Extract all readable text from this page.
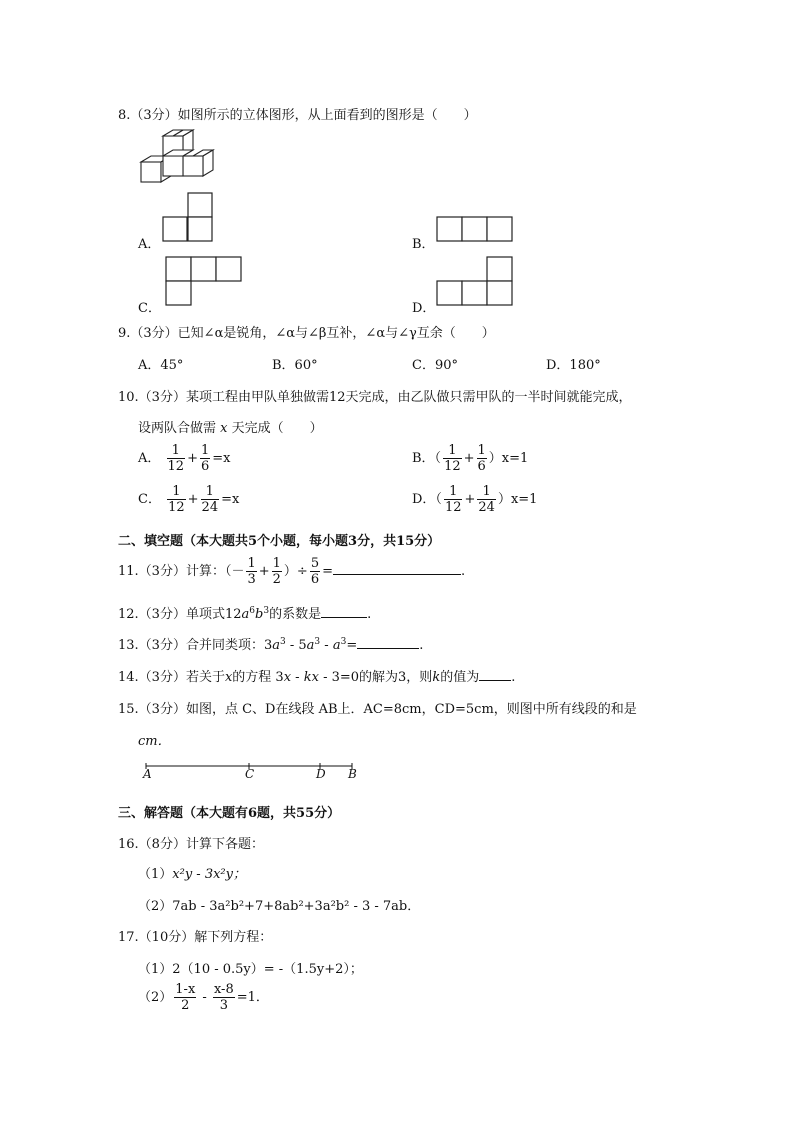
8.（3分）如图所示的立体图形，从上面看到的图形是（　　）
A．	B．
C．	D．
9.（3分）已知∠α是锐角，∠α与∠β互补，∠α与∠γ互余（　　）
A．45°	B．60°	C．90°	D．180°
10.（3分）某项工程由甲队单独做需12天完成，由乙队做只需甲队的一半时间就能完成，
设两队合做需 x 天完成（　　）
A． $\frac{1}{12} + \frac{1}{6} =x$	B．（ $\frac{1}{12} + \frac{1}{6} )x=1$
C． $\frac{1}{12} + \frac{1}{24} =x$	D．（ $\frac{1}{12} + \frac{1}{24} )x=1$
二、填空题（本大题共5个小题，每小题3分，共15分）
11.（3分）计算：（－ $\frac{1}{3} + \frac{1}{2}$ ）÷ $\frac{5}{6}$ =	.
12.（3分）单项式$12a^6b^3$的系数是	.
13.（3分）合并同类项：$3a^3 - 5a^3 - a^3=$	.
14.（3分）若关于x的方程 3x - kx - 3=0的解为3，则k的值为 .
15.（3分）如图，点 C、D在线段 AB上．AC=8cm，CD=5cm，则图中所有线段的和是
cm．
A	C	D B
三、解答题（本大题有6题，共55分）
16.（8分）计算下各题：
（1）x²y - 3x²y；
（2）7ab - 3a²b²+7+8ab²+3a²b² - 3 - 7ab．
17.（10分）解下列方程：
（1）2（10 - 0.5y）= -（1.5y+2）；
$(2) \frac{1-x}{2} - \frac{x-8}{3} =1$．
